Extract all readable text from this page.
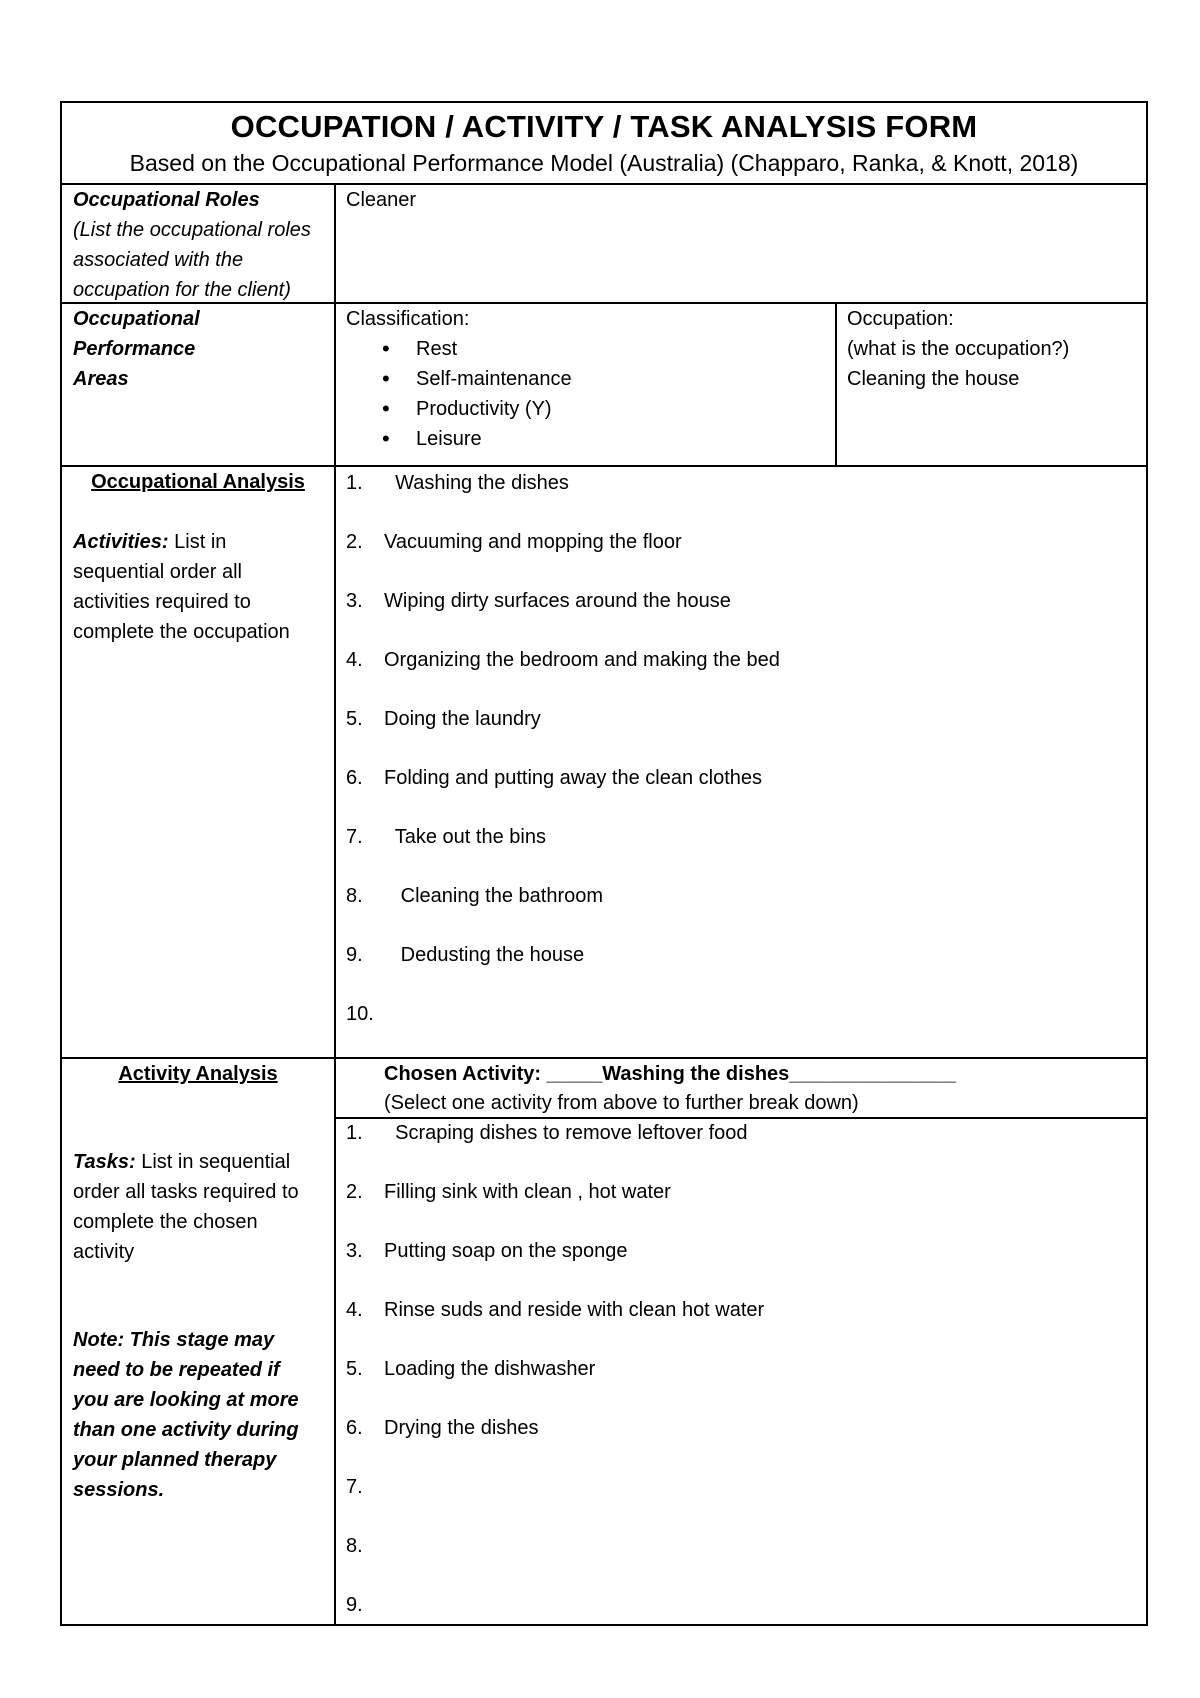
OCCUPATION / ACTIVITY / TASK ANALYSIS FORM
Based on the Occupational Performance Model (Australia) (Chapparo, Ranka, & Knott, 2018)
Occupational Roles
(List the occupational roles associated with the occupation for the client)
Cleaner
Occupational Performance Areas
Classification:
• Rest
• Self-maintenance
• Productivity (Y)
• Leisure
Occupation:
(what is the occupation?)
Cleaning the house
Occupational Analysis
Activities: List in sequential order all activities required to complete the occupation
1.  Washing the dishes
2. Vacuuming and mopping the floor
3. Wiping dirty surfaces around the house
4. Organizing the bedroom and making the bed
5. Doing the laundry
6. Folding and putting away the clean clothes
7.  Take out the bins
8.   Cleaning the bathroom
9.   Dedusting the house
10.
Activity Analysis
Tasks: List in sequential order all tasks required to complete the chosen activity
Note: This stage may need to be repeated if you are looking at more than one activity during your planned therapy sessions.
Chosen Activity: _____Washing the dishes_______________
(Select one activity from above to further break down)
1.  Scraping dishes to remove leftover food
2. Filling sink with clean , hot water
3. Putting soap on the sponge
4. Rinse suds and reside with clean hot water
5. Loading the dishwasher
6. Drying the dishes
7.
8.
9.
